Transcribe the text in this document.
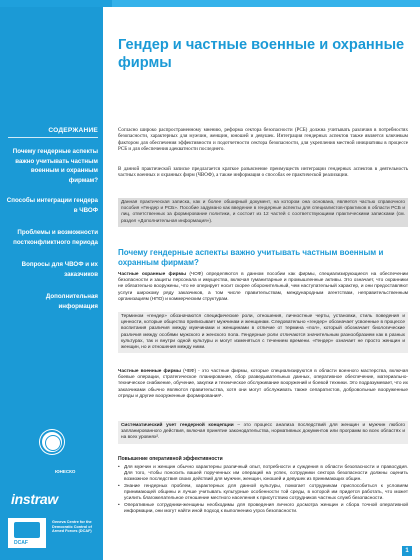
СОДЕРЖАНИЕ
Почему гендерные аспекты важно учитывать частным военным и охранным фирмам?
Способы интеграции гендера в ЧВОФ
Проблемы и возможности постконфликтного периода
Вопросы для ЧВОФ и их заказчиков
Дополнительная информация
ЮНЕСКО
instraw
DCAF
Geneva Centre for the Democratic Control of Armed Forces (DCAF)
Гендер и частные военные и охранные фирмы

Согласно широко распространенному мнению, реформа сектора безопасности (РСБ) должна учитывать различия в потребностях безопасности, характерных для мужчин, женщин, юношей и девушек. Интеграция гендерных аспектов также является ключевым фактором для обеспечения эффективности и подотчетности сектора безопасности, для укрепления местной инициативы в процессе РСБ и для обеспечения адекватности последнего.

В данной практической записке предлагается краткое разъяснение преимуществ интеграции гендерных аспектов в деятельность частных военных и охранных фирм (ЧВОФ), а также информация о способах ее практической реализации.

Данная практическая записка, как и более обширный документ, на котором она основана, является частью справочного пособия «Гендер и РСБ». Пособие задумано как введение в гендерные аспекты для специалистов-практиков в области РСБ и лиц, ответственных за формирование политики, и состоит из 12 частей с соответствующими практическими записками (см. раздел «Дополнительная информация»).

Почему гендерные аспекты важно учитывать частным военным и охранным фирмам?

Частные охранные фирмы (ЧОФ) определяются в данном пособии как фирмы, специализирующиеся на обеспечении безопасности и защиты персонала и имущества, включая гуманитарные и промышленные активы. Это означает, что охранники не обязательно вооружены, что не оперирует носит скорее оборонительный, чем наступательный характер, и они предоставляют услуги широкому ряду заказчиков, а том числе правительствам, международным агентствам, неправительственным организациям (НПО) и коммерческим структурам.

Термином «гендер» обозначаются специфические роли, отношения, личностные черты, установки, стиль поведения и ценности, которые общество приписывает мужчинам и женщинам. Следовательно «гендер» обозначает усвоенные в процессе воспитания различия между мужчинами и женщинами в отличие от термина «пол», который обозначает биологические различия между особями мужского и женского пола. Гендерные роли отличаются значительным разнообразием как в разных культурах, так и внутри одной культуры и могут изменяться с течением времени. «Гендер» означает не просто женщин и женщин, но и отношения между ними.

Частные военные фирмы (ЧВФ) - это частные фирмы, которые специализируются в области военного мастерства, включая боевые операции, стратегическое планирование, сбор разведывательных данных, оперативное обеспечение, материально-техническое снабжение, обучение, закупки и техническое обслуживание вооружений и боевой техники. Это подразумевает, что их заказчиками обычно являются правительства, хотя они могут обслуживать также сепаратистов, добровольные вооруженные отряды и другие вооруженные формирования¹.

Систематический учет гендерной концепции – это процесс анализа последствий для женщин и мужчин любого запланированного действия, включая принятие законодательства, нормативных документов или программ во всех областях и на всех уровнях².

Повышение оперативной эффективности
• Для мужчин и женщин обычно характерны различный опыт, потребности и суждения в области безопасности и правосудия. Для того, чтобы поносить вашей порученных им операций на успех, сотрудники сектора безопасности должны оценить возможное последствия своих действий для мужчин, женщин, юношей и девушек из принимающих общин.
• Знание гендерных проблем, характерных для данной культуры, помогает сотрудникам приспособиться к условиям принимающей общины и лучше учитывать культурные особенности той среды, в которой им придется работать, что может усилить благожелательное отношение местного населения к присутствию сотрудников частных служб безопасности.
• Оперативные сотрудники-женщины необходимы для проведения личного досмотра женщин и сбора точной оперативной информации, они могут найти иной подход к выполнению угроз безопасности.
1
